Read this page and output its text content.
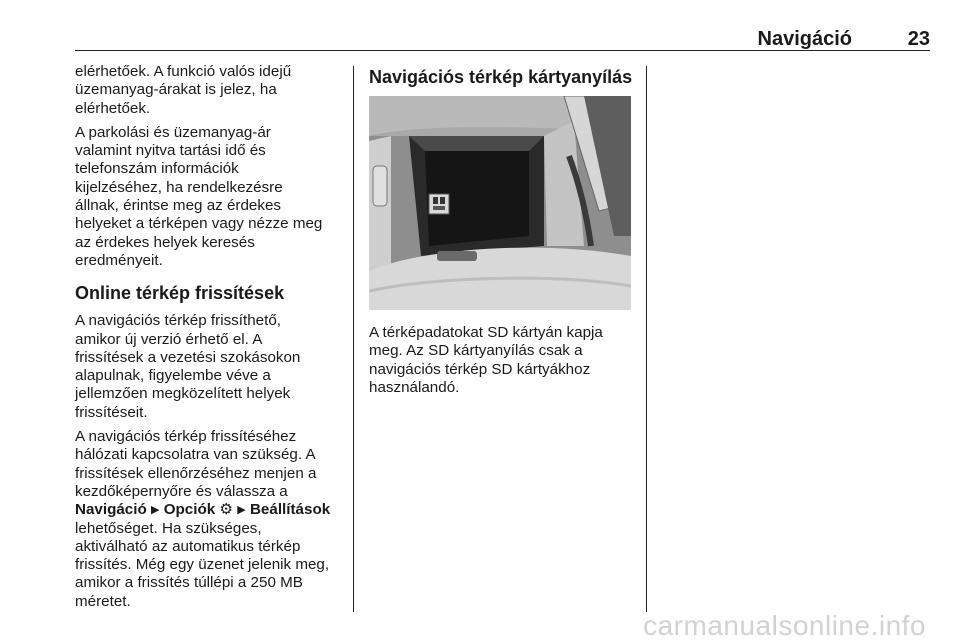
Navigáció	23

elérhetőek. A funkció valós idejű
üzemanyag-árakat is jelez, ha
elérhetőek.

A parkolási és üzemanyag-ár
valamint nyitva tartási idő és
telefonszám információk
kijelzéséhez, ha rendelkezésre
állnak, érintse meg az érdekes
helyeket a térképen vagy nézze meg
az érdekes helyek keresés
eredményeit.

Online térkép frissítések

A navigációs térkép frissíthető,
amikor új verzió érhető el. A
frissítések a vezetési szokásokon
alapulnak, figyelembe véve a
jellemzően megközelített helyek
frissítéseit.

A navigációs térkép frissítéséhez
hálózati kapcsolatra van szükség. A
frissítések ellenőrzéséhez menjen a
kezdőképernyőre és válassza a
Navigáció ▶ Opciók ⚙ ▶ Beállítások
lehetőséget. Ha szükséges,
aktiválható az automatikus térkép
frissítés. Még egy üzenet jelenik meg,
amikor a frissítés túllépi a 250 MB
méretet.

Navigációs térkép kártyanyílás

A térképadatokat SD kártyán kapja
meg. Az SD kártyanyílás csak a
navigációs térkép SD kártyákhoz
használandó.

carmanualsonline.info
